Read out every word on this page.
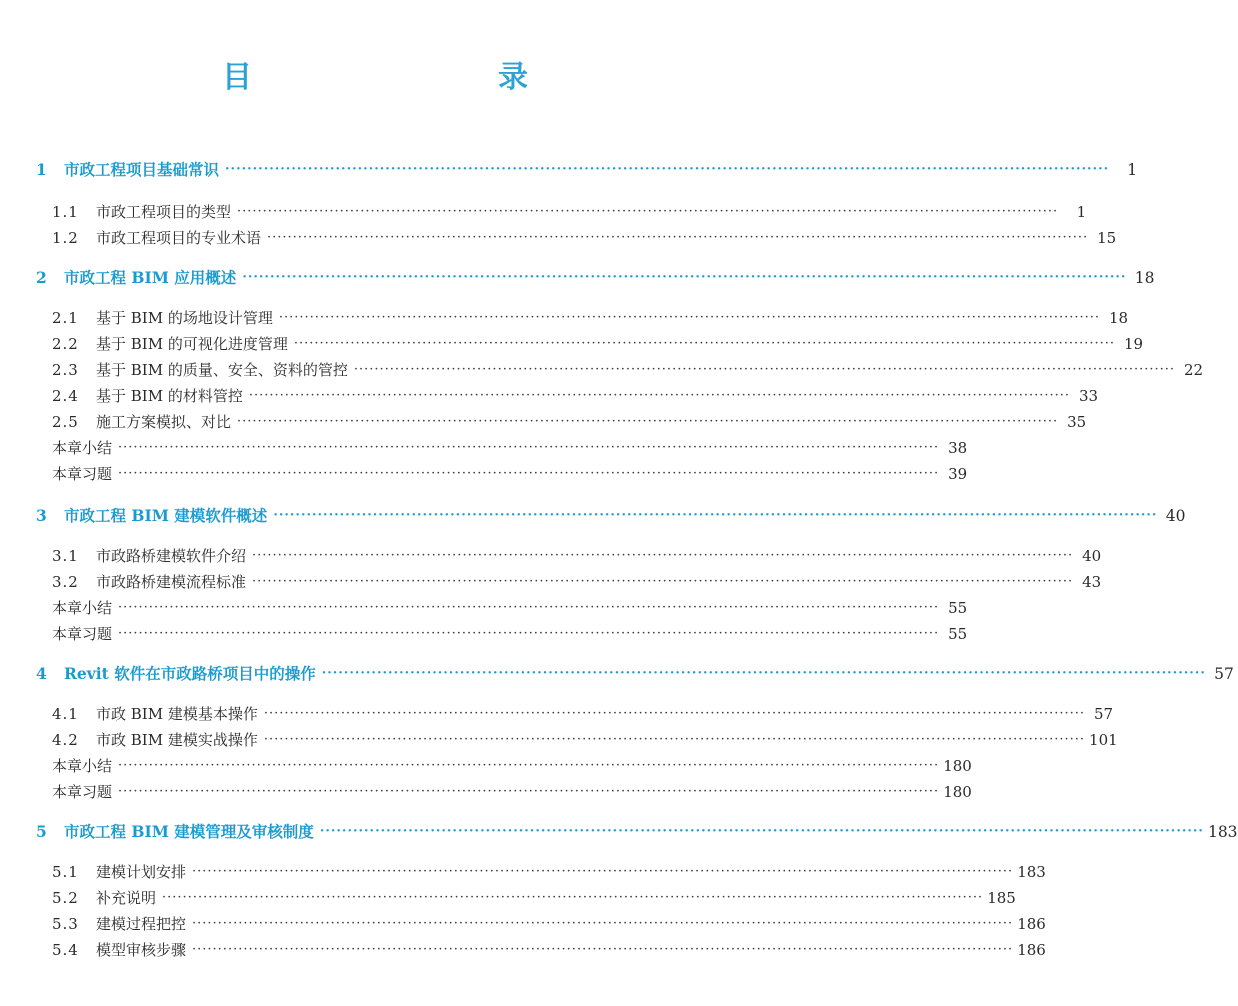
目　　录
1	市政工程项目基础常识 ································································································································································	1
1.1	市政工程项目的类型 ································································································································································	1
1.2	市政工程项目的专业术语 ································································································································································ 15
2	市政工程 BIM 应用概述 ································································································································································ 18
2.1	基于 BIM 的场地设计管理 ································································································································································ 18
2.2	基于 BIM 的可视化进度管理 ································································································································································ 19
2.3	基于 BIM 的质量、安全、资料的管控 ································································································································································ 22
2.4	基于 BIM 的材料管控 ································································································································································ 33
2.5	施工方案模拟、对比 ································································································································································ 35
本章小结 ································································································································································ 38
本章习题 ································································································································································ 39
3	市政工程 BIM 建模软件概述 ································································································································································ 40
3.1	市政路桥建模软件介绍 ································································································································································ 40
3.2	市政路桥建模流程标准 ································································································································································ 43
本章小结 ································································································································································ 55
本章习题 ································································································································································ 55
4	Revit 软件在市政路桥项目中的操作 ································································································································································ 57
4.1	市政 BIM 建模基本操作 ································································································································································ 57
4.2	市政 BIM 建模实战操作 ································································································································································ 101
本章小结 ································································································································································ 180
本章习题 ································································································································································ 180
5	市政工程 BIM 建模管理及审核制度 ································································································································································ 183
5.1	建模计划安排 ································································································································································ 183
5.2	补充说明 ································································································································································ 185
5.3	建模过程把控 ································································································································································ 186
5.4	模型审核步骤 ································································································································································ 186
